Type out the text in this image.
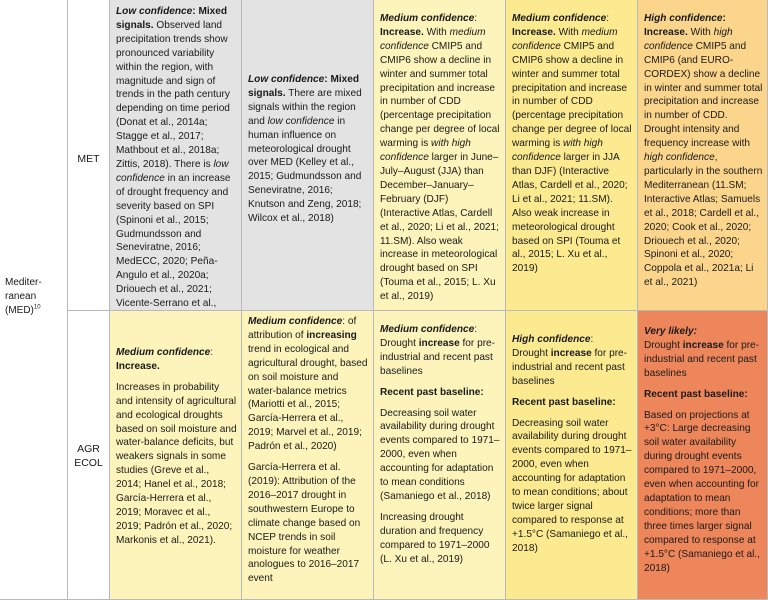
Mediter-
ranean
(MED)$^{10}$
MET
AGR
ECOL
Low confidence: Mixed signals. Observed land precipitation trends show pronounced variability within the region, with magnitude and sign of trends in the path century depending on time period (Donat et al., 2014a; Stagge et al., 2017; Mathbout et al., 2018a; Zittis, 2018). There is low confidence in an increase of drought frequency and severity based on SPI (Spinoni et al., 2015; Gudmundsson and Seneviratne, 2016; MedECC, 2020; Peña-Angulo et al., 2020a; Driouech et al., 2021; Vicente-Serrano et al.,
Low confidence: Mixed signals. There are mixed signals within the region and low confidence in human influence on meteorological drought over MED (Kelley et al., 2015; Gudmundsson and Seneviratne, 2016; Knutson and Zeng, 2018; Wilcox et al., 2018)
Medium confidence:
Increase. With medium confidence CMIP5 and CMIP6 show a decline in winter and summer total precipitation and increase in number of CDD (percentage precipitation change per degree of local warming is with high confidence larger in June–July–August (JJA) than December–January–February (DJF) (Interactive Atlas, Cardell et al., 2020; Li et al., 2021; 11.SM). Also weak increase in meteorological drought based on SPI (Touma et al., 2015; L. Xu et al., 2019)
Medium confidence:
Increase. With medium confidence CMIP5 and CMIP6 show a decline in winter and summer total precipitation and increase in number of CDD (percentage precipitation change per degree of local warming is with high confidence larger in JJA than DJF) (Interactive Atlas, Cardell et al., 2020; Li et al., 2021; 11.SM). Also weak increase in meteorological drought based on SPI (Touma et al., 2015; L. Xu et al., 2019)
High confidence: Increase. With high confidence CMIP5 and CMIP6 (and EURO-CORDEX) show a decline in winter and summer total precipitation and increase in number of CDD. Drought intensity and frequency increase with high confidence, particularly in the southern Mediterranean (11.SM; Interactive Atlas; Samuels et al., 2018; Cardell et al., 2020; Cook et al., 2020; Driouech et al., 2020; Spinoni et al., 2020; Coppola et al., 2021a; Li et al., 2021)
Medium confidence:
Increase.
Increases in probability and intensity of agricultural and ecological droughts based on soil moisture and water-balance deficits, but weakers signals in some studies (Greve et al., 2014; Hanel et al., 2018; García-Herrera et al., 2019; Moravec et al., 2019; Padrón et al., 2020; Markonis et al., 2021).
Medium confidence: of attribution of increasing trend in ecological and agricultural drought, based on soil moisture and water-balance metrics (Mariotti et al., 2015; García-Herrera et al., 2019; Marvel et al., 2019; Padrón et al., 2020)
García-Herrera et al. (2019): Attribution of the 2016–2017 drought in southwestern Europe to climate change based on NCEP trends in soil moisture for weather anologues to 2016–2017 event
Medium confidence:
Drought increase for pre-industrial and recent past baselines
Recent past baseline:
Decreasing soil water availability during drought events compared to 1971–2000, even when accounting for adaptation to mean conditions (Samaniego et al., 2018)
Increasing drought duration and frequency compared to 1971–2000 (L. Xu et al., 2019)
High confidence:
Drought increase for pre-industrial and recent past baselines
Recent past baseline:
Decreasing soil water availability during drought events compared to 1971–2000, even when accounting for adaptation to mean conditions; about twice larger signal compared to response at +1.5°C (Samaniego et al., 2018)
Very likely:
Drought increase for pre-industrial and recent past baselines
Recent past baseline:
Based on projections at +3°C: Large decreasing soil water availability during drought events compared to 1971–2000, even when accounting for adaptation to mean conditions; more than three times larger signal compared to response at +1.5°C (Samaniego et al., 2018)
